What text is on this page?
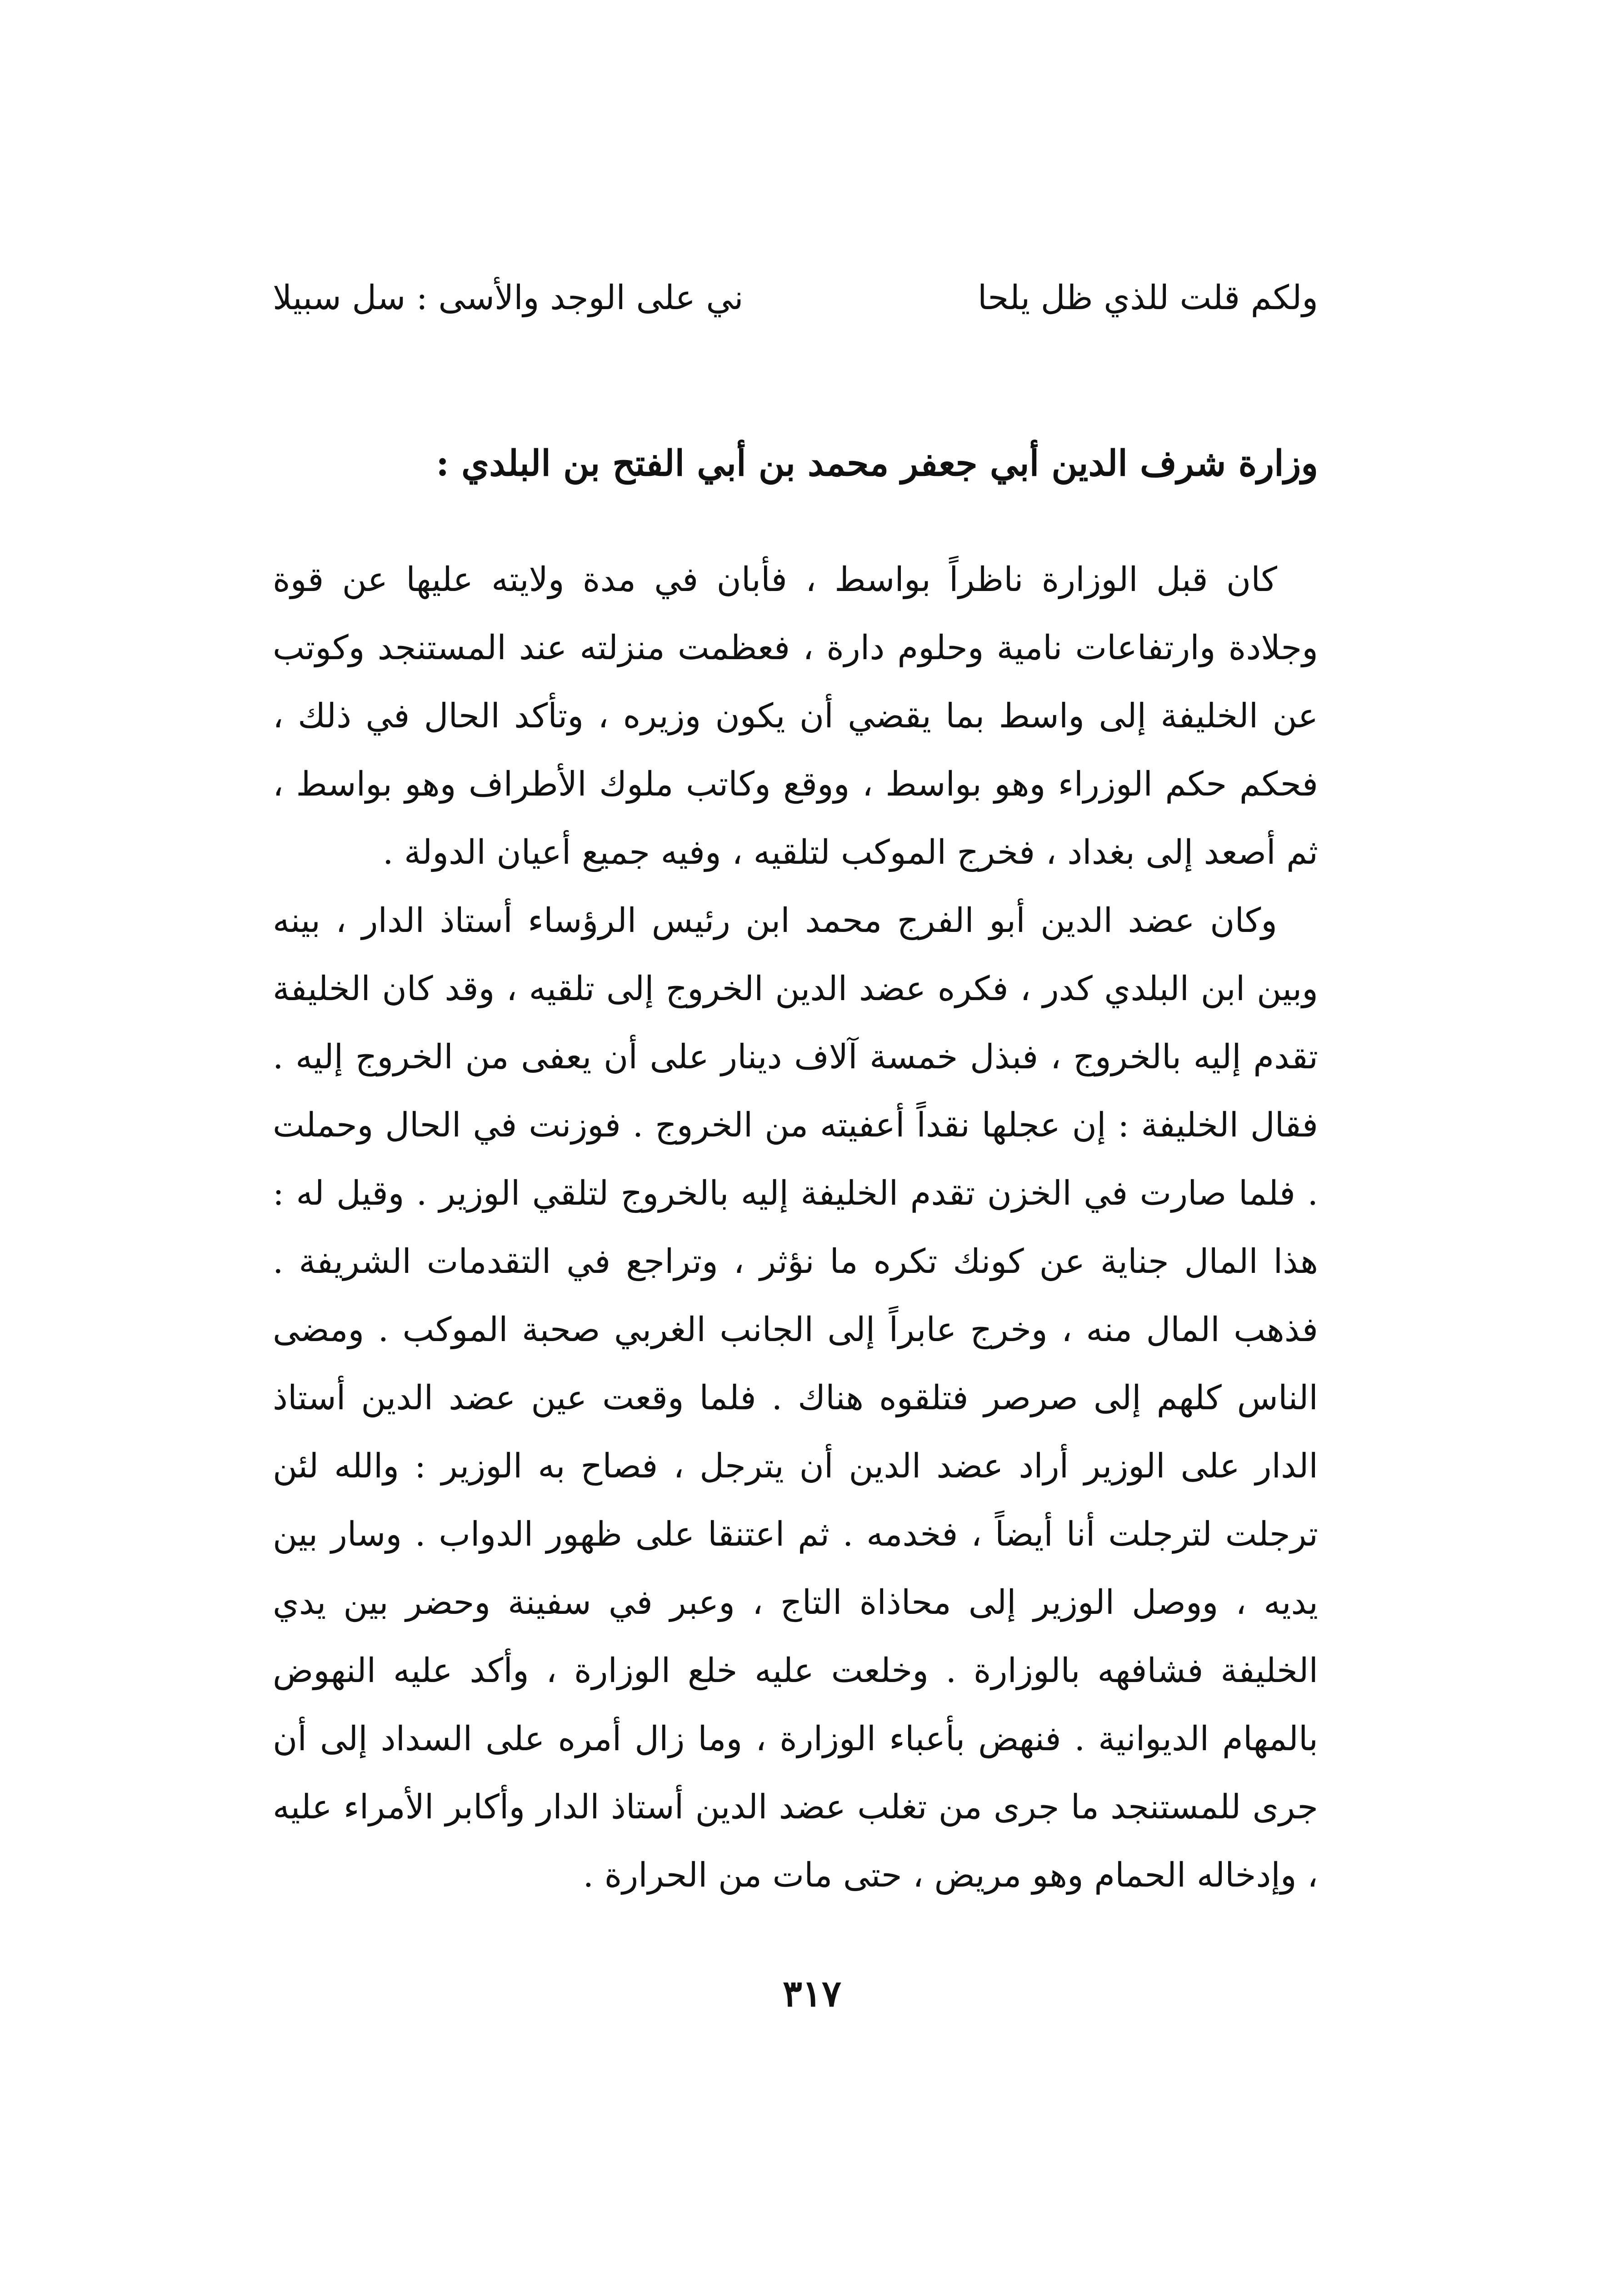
ولكم قلت للذي ظل يلحا
ني على الوجد والأسى : سل سبيلا
وزارة شرف الدين أبي جعفر محمد بن أبي الفتح بن البلدي :

كان قبل الوزارة ناظراً بواسط ، فأبان في مدة ولايته عليها عن قوة وجلادة وارتفاعات نامية وحلوم دارة ، فعظمت منزلته عند المستنجد وكوتب عن الخليفة إلى واسط بما يقضي أن يكون وزيره ، وتأكد الحال في ذلك ، فحكم حكم الوزراء وهو بواسط ، ووقع وكاتب ملوك الأطراف وهو بواسط ، ثم أصعد إلى بغداد ، فخرج الموكب لتلقيه ، وفيه جميع أعيان الدولة .

وكان عضد الدين أبو الفرج محمد ابن رئيس الرؤساء أستاذ الدار ، بينه وبين ابن البلدي كدر ، فكره عضد الدين الخروج إلى تلقيه ، وقد كان الخليفة تقدم إليه بالخروج ، فبذل خمسة آلاف دينار على أن يعفى من الخروج إليه . فقال الخليفة : إن عجلها نقداً أعفيته من الخروج . فوزنت في الحال وحملت . فلما صارت في الخزن تقدم الخليفة إليه بالخروج لتلقي الوزير . وقيل له : هذا المال جناية عن كونك تكره ما نؤثر ، وتراجع في التقدمات الشريفة . فذهب المال منه ، وخرج عابراً إلى الجانب الغربي صحبة الموكب . ومضى الناس كلهم إلى صرصر فتلقوه هناك . فلما وقعت عين عضد الدين أستاذ الدار على الوزير أراد عضد الدين أن يترجل ، فصاح به الوزير : والله لئن ترجلت لترجلت أنا أيضاً ، فخدمه . ثم اعتنقا على ظهور الدواب . وسار بين يديه ، ووصل الوزير إلى محاذاة التاج ، وعبر في سفينة وحضر بين يدي الخليفة فشافهه بالوزارة . وخلعت عليه خلع الوزارة ، وأكد عليه النهوض بالمهام الديوانية . فنهض بأعباء الوزارة ، وما زال أمره على السداد إلى أن جرى للمستنجد ما جرى من تغلب عضد الدين أستاذ الدار وأكابر الأمراء عليه ، وإدخاله الحمام وهو مريض ، حتى مات من الحرارة .

٣١٧
